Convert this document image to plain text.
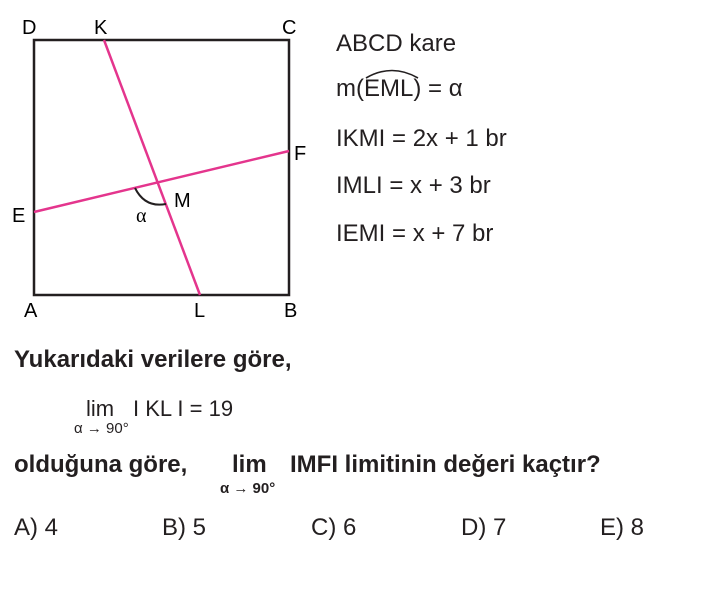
D	K	C
F
M
α
E
A	L	B
ABCD kare
m(
EML) = α
IKMI = 2x + 1 br
IMLI = x + 3 br
IEMI = x + 7 br
Yukarıdaki verilere göre,
lim
α → 90°
I KL I = 19
olduğuna göre, lim
α → 90°
IMFI limitinin değeri kaçtır?
A) 4	B) 5	C) 6	D) 7	E) 8
